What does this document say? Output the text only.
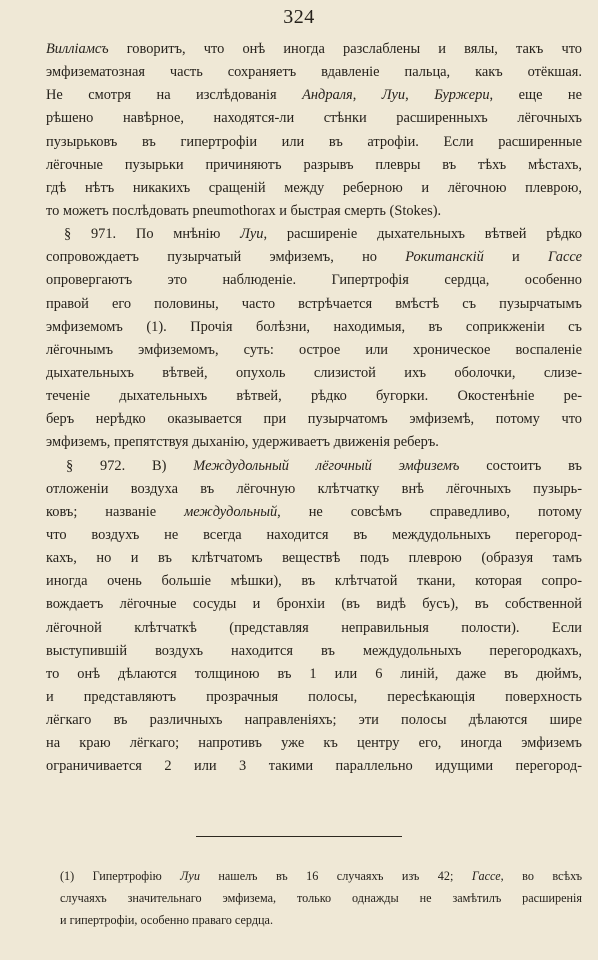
324
Вилліамсъ говоритъ, что онѣ иногда разслаблены и вялы, такъ что
эмфизематозная часть сохраняетъ вдавленіе пальца, какъ отёкшая.
Не смотря на изслѣдованія Андраля, Луи, Буржери, еще не
рѣшено навѣрное, находятся-ли стѣнки расширенныхъ лёгочныхъ
пузырьковъ въ гипертрофіи или въ атрофіи. Если расширенные
лёгочные пузырьки причиняютъ разрывъ плевры въ тѣхъ мѣстахъ,
гдѣ нѣтъ никакихъ сращеній между реберною и лёгочною плеврою,
то можетъ послѣдовать pneumothorax и быстрая смерть (Stokes).
§ 971. По мнѣнію Луи, расширеніе дыхательныхъ вѣтвей рѣдко
сопровождаетъ пузырчатый эмфиземъ, но Рокитанскій и Гассе
опровергаютъ это наблюденіе. Гипертрофія сердца, особенно
правой его половины, часто встрѣчается вмѣстѣ съ пузырчатымъ
эмфиземомъ (1). Прочія болѣзни, находимыя, въ соприкженіи съ
лёгочнымъ эмфиземомъ, суть: острое или хроническое воспаленіе
дыхательныхъ вѣтвей, опухоль слизистой ихъ оболочки, слизе-
теченіе дыхательныхъ вѣтвей, рѣдко бугорки. Окостенѣніе ре-
беръ нерѣдко оказывается при пузырчатомъ эмфиземѣ, потому что
эмфиземъ, препятствуя дыханію, удерживаетъ движенія реберъ.
§ 972. В) Междудольный лёгочный эмфиземъ состоитъ въ
отложеніи воздуха въ лёгочную клѣтчатку внѣ лёгочныхъ пузырь-
ковъ; названіе междудольный, не совсѣмъ справедливо, потому
что воздухъ не всегда находится въ междудольныхъ перегород-
кахъ, но и въ клѣтчатомъ веществѣ подъ плеврою (образуя тамъ
иногда очень большіе мѣшки), въ клѣтчатой ткани, которая сопро-
вождаетъ лёгочные сосуды и бронхіи (въ видѣ бусъ), въ собственной
лёгочной клѣтчаткѣ (представляя неправильныя полости). Если
выступившій воздухъ находится въ междудольныхъ перегородкахъ,
то онѣ дѣлаются толщиною въ 1 или 6 линій, даже въ дюймъ,
и представляютъ прозрачныя полосы, пересѣкающія поверхность
лёгкаго въ различныхъ направленіяхъ; эти полосы дѣлаются шире
на краю лёгкаго; напротивъ уже къ центру его, иногда эмфиземъ
ограничивается 2 или 3 такими параллельно идущими перегород-
(1) Гипертрофію Луи нашелъ въ 16 случаяхъ изъ 42; Гассе, во всѣхъ
случаяхъ значительнаго эмфизема, только однажды не замѣтилъ расширенія
и гипертрофіи, особенно праваго сердца.
